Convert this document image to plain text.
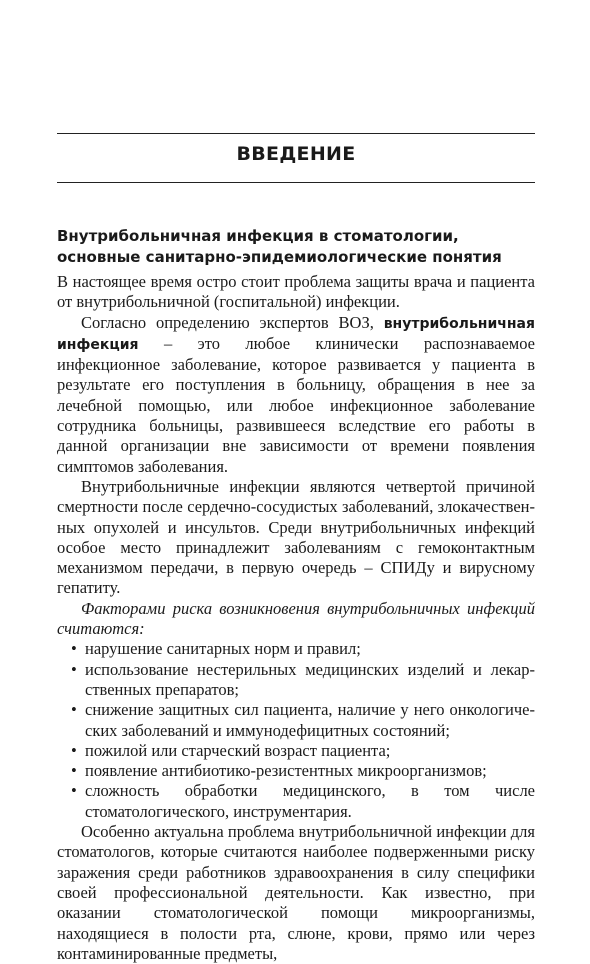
ВВЕДЕНИЕ
Внутрибольничная инфекция в стоматологии,
основные санитарно-эпидемиологические понятия

В настоящее время остро стоит проблема защиты врача и пациента от внутрибольничной (госпитальной) инфекции.

Согласно определению экспертов ВОЗ, внутрибольничная инфекция – это любое клинически распознаваемое инфекционное заболевание, которое развивается у пациента в результате его поступления в больницу, обращения в нее за лечебной помощью, или любое инфекционное заболевание сотрудника больницы, развившееся вследствие его работы в данной организации вне зависимости от времени появления симптомов заболевания.

Внутрибольничные инфекции являются четвертой причиной смертности после сердечно-сосудистых заболеваний, злокачественных опухолей и инсультов. Среди внутрибольничных инфекций особое место принадлежит заболеваниям с гемоконтактным механизмом передачи, в первую очередь – СПИДу и вирусному гепатиту.

Факторами риска возникновения внутрибольничных инфекций считаются:

• нарушение санитарных норм и правил;
• использование нестерильных медицинских изделий и лекарственных препаратов;
• снижение защитных сил пациента, наличие у него онкологических заболеваний и иммунодефицитных состояний;
• пожилой или старческий возраст пациента;
• появление антибиотико-резистентных микроорганизмов;
• сложность обработки медицинского, в том числе стоматологического, инструментария.

Особенно актуальна проблема внутрибольничной инфекции для стоматологов, которые считаются наиболее подверженными риску заражения среди работников здравоохранения в силу специфики своей профессиональной деятельности. Как известно, при оказании стоматологической помощи микроорганизмы, находящиеся в полости рта, слюне, крови, прямо или через контаминированные предметы,
